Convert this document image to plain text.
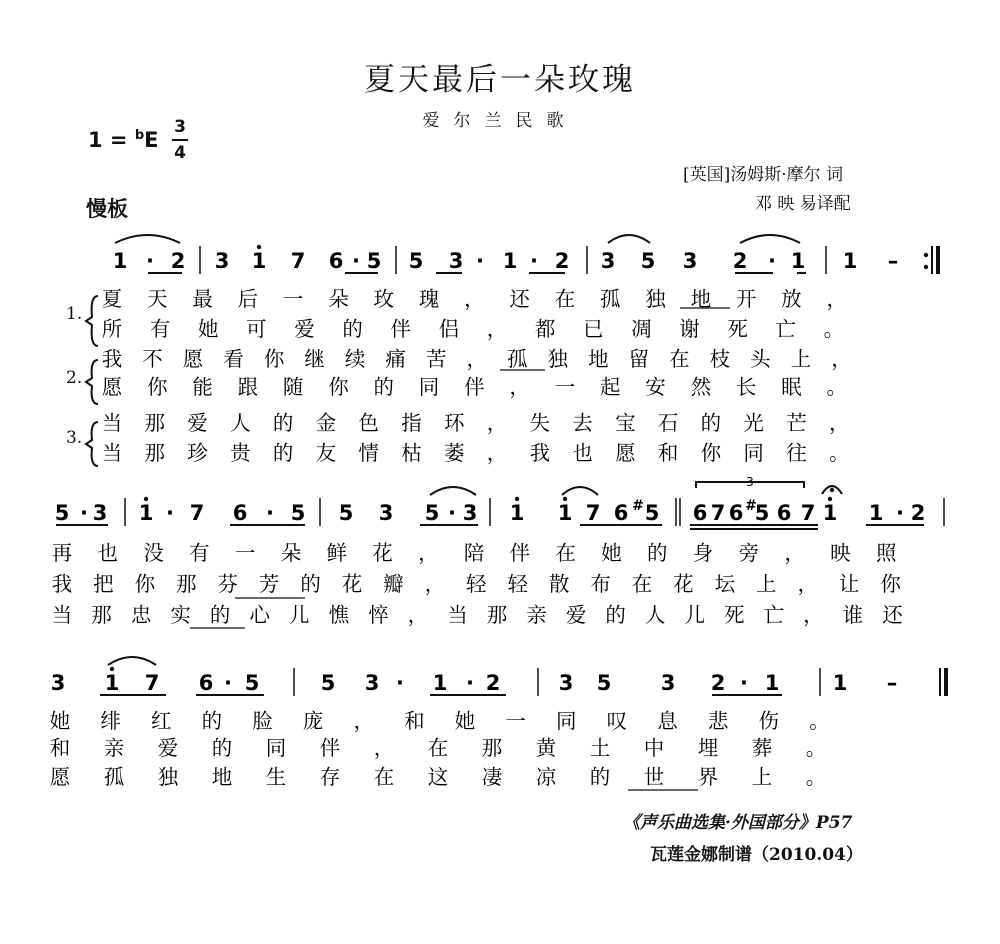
夏天最后一朵玫瑰
爱尔兰民歌
1 = $^b$E
3
4
慢板
[英国]汤姆斯·摩尔 词
邓 映 易译配
1 · 2 3 1 7 6 · 5 5 3 · 1 · 2 3 5 3 2 · 1 1 –
5 · 3 1 · 7 6 · 5 5 3 5 · 3 1 1 7 6 # 5 6 7 6 #
5 6 7 1 1 · 2
3
3 1 7 6 · 5	5 3 · 1 · 2	3 5 3 2 · 1	1 –
夏 天 最 后 一 朵 玫 瑰 ， 还 在 孤 独 地 开 放 ，
所 有 她 可 爱 的 伴 侣 ， 都 已 凋 谢 死 亡 。
我 不 愿 看 你 继 续 痛 苦 ， 孤 独 地 留 在 枝 头 上 ，
愿 你 能 跟 随 你 的 同 伴 ， 一 起 安 然 长 眠 。
当 那 爱 人 的 金 色 指 环 ， 失 去 宝 石 的 光 芒 ，
当 那 珍 贵 的 友 情 枯 萎 ， 我 也 愿 和 你 同 往 。
再 也 没 有 一 朵 鲜 花 ， 陪 伴 在 她 的 身 旁 ， 映 照
我 把 你 那 芬 芳 的 花 瓣 ， 轻 轻 散 布 在 花 坛 上 ， 让 你
当 那 忠 实 的 心 儿 憔 悴 ， 当 那 亲 爱 的 人 儿 死 亡 ， 谁 还
她 绯 红 的 脸 庞 ， 和 她 一 同 叹 息 悲 伤 。
和 亲 爱 的 同 伴 ， 在 那 黄 土 中 埋 葬 。
愿 孤 独 地 生 存 在 这 凄 凉 的 世 界 上 。
1.
2.
3.
《声乐曲选集·外国部分》P57
瓦莲金娜制谱（2010.04）
